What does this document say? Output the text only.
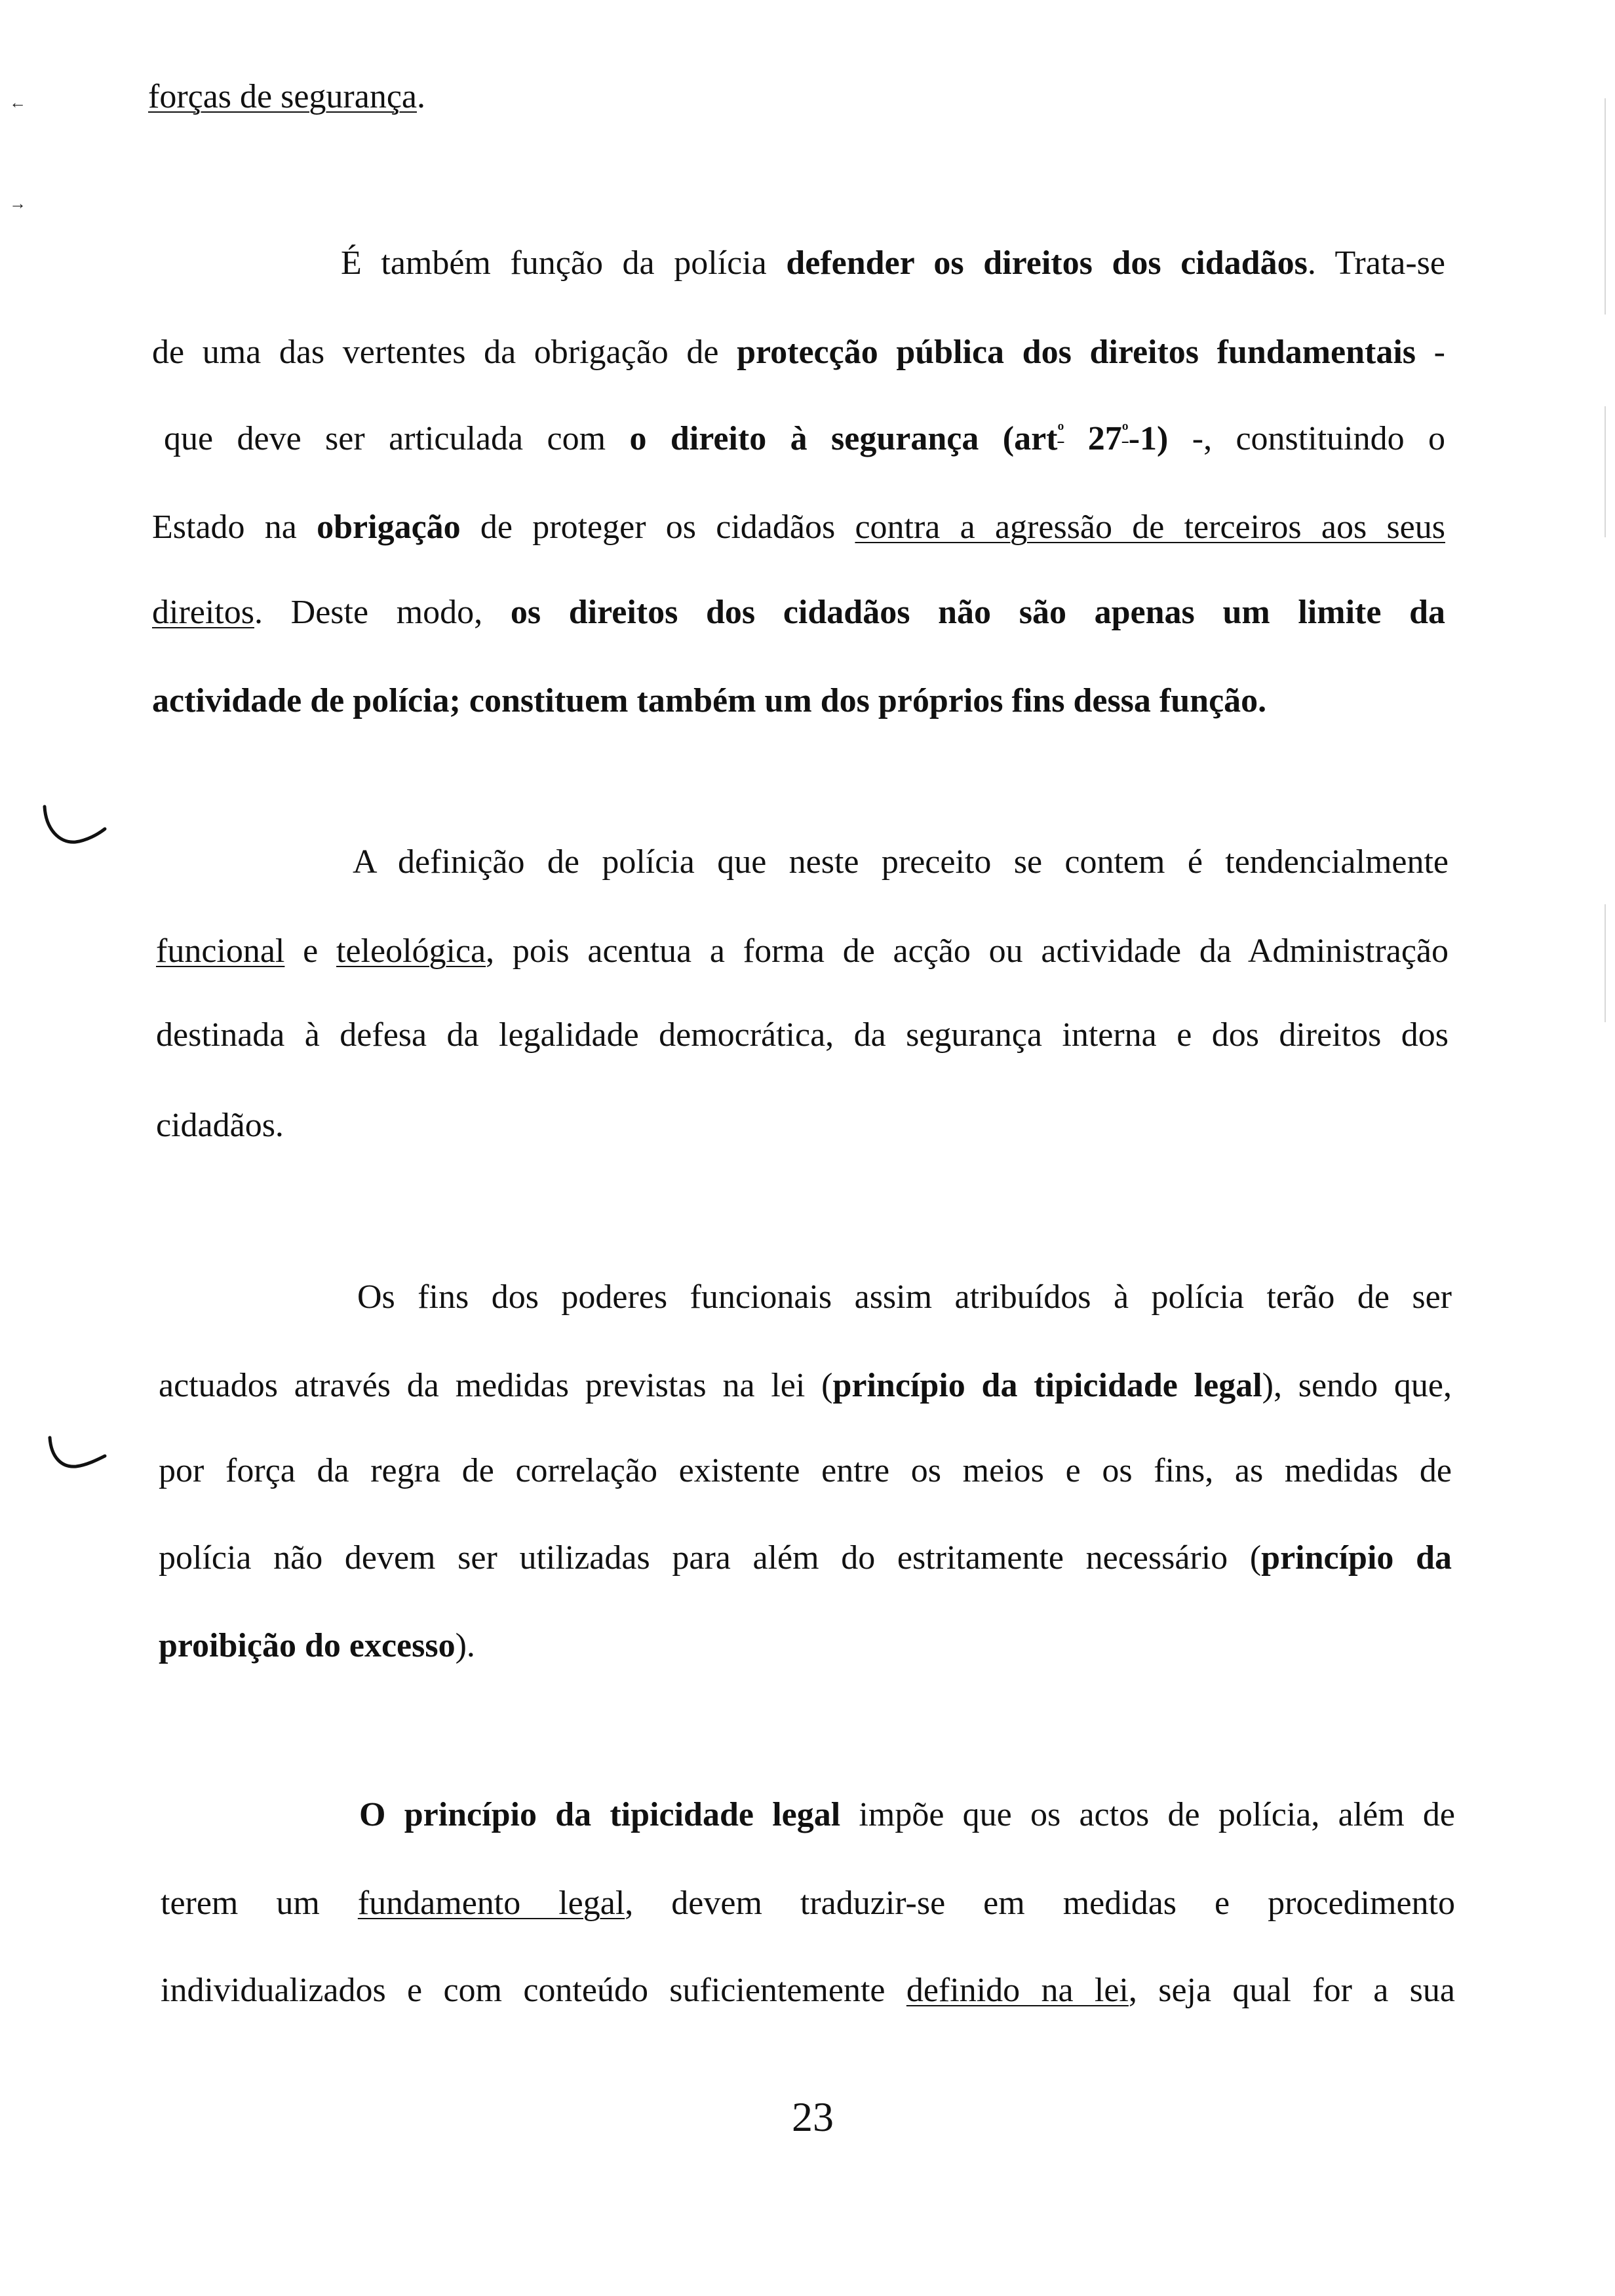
←
→
forças de segurança.
É também função da polícia defender os direitos dos cidadãos. Trata-se
de uma das vertentes da obrigação de protecção pública dos direitos fundamentais -
que deve ser articulada com o direito à segurança (art$^º$ $27^º-1$) -, constituindo o
Estado na obrigação de proteger os cidadãos contra a agressão de terceiros aos seus
direitos. Deste modo, os direitos dos cidadãos não são apenas um limite da
actividade de polícia; constituem também um dos próprios fins dessa função.
A definição de polícia que neste preceito se contem é tendencialmente
funcional e teleológica, pois acentua a forma de acção ou actividade da Administração
destinada à defesa da legalidade democrática, da segurança interna e dos direitos dos
cidadãos.
Os fins dos poderes funcionais assim atribuídos à polícia terão de ser
actuados através da medidas previstas na lei (princípio da tipicidade legal), sendo que,
por força da regra de correlação existente entre os meios e os fins, as medidas de
polícia não devem ser utilizadas para além do estritamente necessário (princípio da
proibição do excesso).
O princípio da tipicidade legal impõe que os actos de polícia, além de
terem um fundamento legal, devem traduzir-se em medidas e procedimento
individualizados e com conteúdo suficientemente definido na lei, seja qual for a sua
23
